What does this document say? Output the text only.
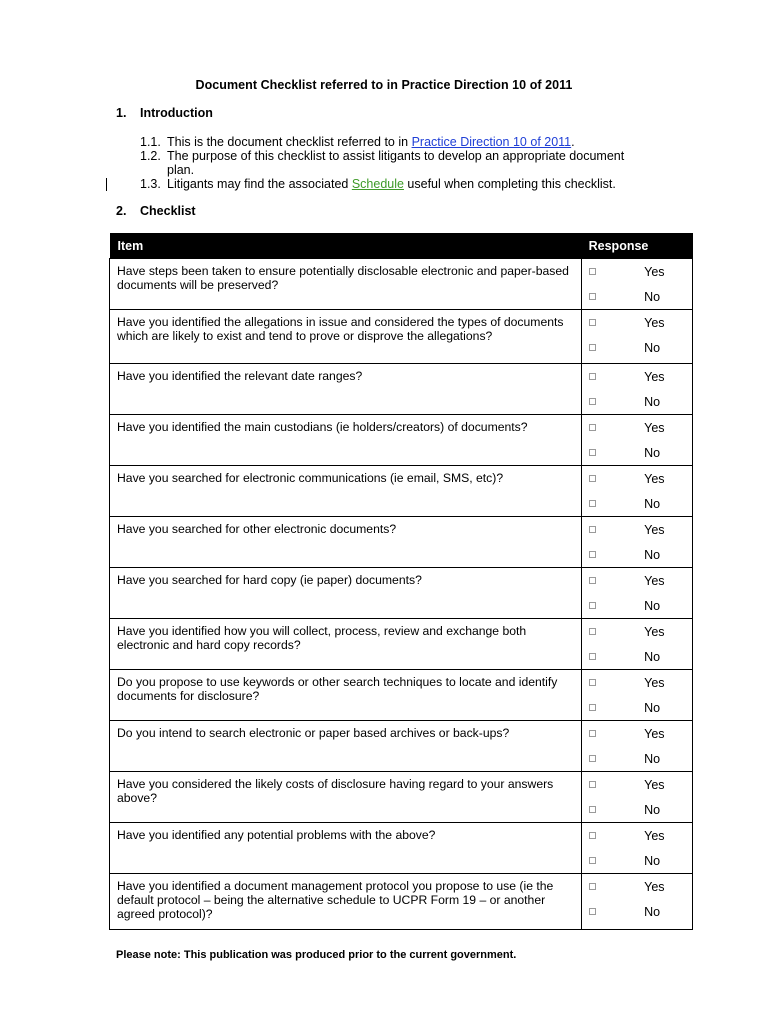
Document Checklist referred to in Practice Direction 10 of 2011
1. Introduction
1.1. This is the document checklist referred to in Practice Direction 10 of 2011.
1.2. The purpose of this checklist to assist litigants to develop an appropriate document plan.
1.3. Litigants may find the associated Schedule useful when completing this checklist.
2. Checklist
Item	Response
Have steps been taken to ensure potentially disclosable electronic and paper-based documents will be preserved?	Yes
No

Have you identified the allegations in issue and considered the types of documents which are likely to exist and tend to prove or disprove the allegations?	Yes
No

Have you identified the relevant date ranges?	Yes
No

Have you identified the main custodians (ie holders/creators) of documents?	Yes
No

Have you searched for electronic communications (ie email, SMS, etc)?	Yes
No

Have you searched for other electronic documents?	Yes
No

Have you searched for hard copy (ie paper) documents?	Yes
No

Have you identified how you will collect, process, review and exchange both electronic and hard copy records?	Yes
No

Do you propose to use keywords or other search techniques to locate and identify documents for disclosure?	Yes
No

Do you intend to search electronic or paper based archives or back-ups?	Yes
No

Have you considered the likely costs of disclosure having regard to your answers above?	Yes
No

Have you identified any potential problems with the above?	Yes
No

Have you identified a document management protocol you propose to use (ie the default protocol – being the alternative schedule to UCPR Form 19 – or another agreed protocol)?	Yes
No
Please note: This publication was produced prior to the current government.
